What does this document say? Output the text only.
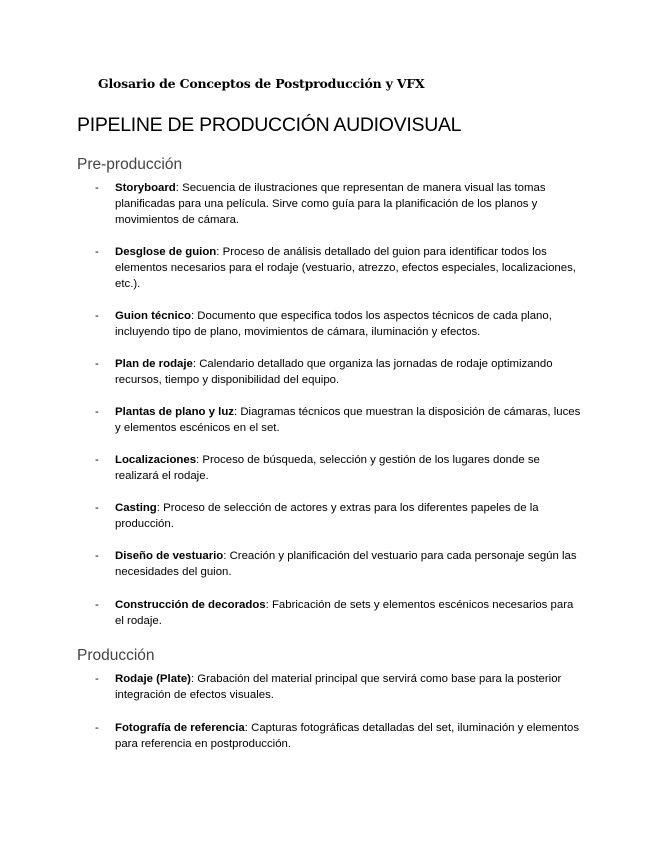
Glosario de Conceptos de Postproducción y VFX
PIPELINE DE PRODUCCIÓN AUDIOVISUAL
Pre-producción
- Storyboard: Secuencia de ilustraciones que representan de manera visual las tomas planificadas para una película. Sirve como guía para la planificación de los planos y movimientos de cámara.
- Desglose de guion: Proceso de análisis detallado del guion para identificar todos los elementos necesarios para el rodaje (vestuario, atrezzo, efectos especiales, localizaciones, etc.).
- Guion técnico: Documento que especifica todos los aspectos técnicos de cada plano, incluyendo tipo de plano, movimientos de cámara, iluminación y efectos.
- Plan de rodaje: Calendario detallado que organiza las jornadas de rodaje optimizando recursos, tiempo y disponibilidad del equipo.
- Plantas de plano y luz: Diagramas técnicos que muestran la disposición de cámaras, luces y elementos escénicos en el set.
- Localizaciones: Proceso de búsqueda, selección y gestión de los lugares donde se realizará el rodaje.
- Casting: Proceso de selección de actores y extras para los diferentes papeles de la producción.
- Diseño de vestuario: Creación y planificación del vestuario para cada personaje según las necesidades del guion.
- Construcción de decorados: Fabricación de sets y elementos escénicos necesarios para el rodaje.
Producción
- Rodaje (Plate): Grabación del material principal que servirá como base para la posterior integración de efectos visuales.
- Fotografía de referencia: Capturas fotográficas detalladas del set, iluminación y elementos para referencia en postproducción.
